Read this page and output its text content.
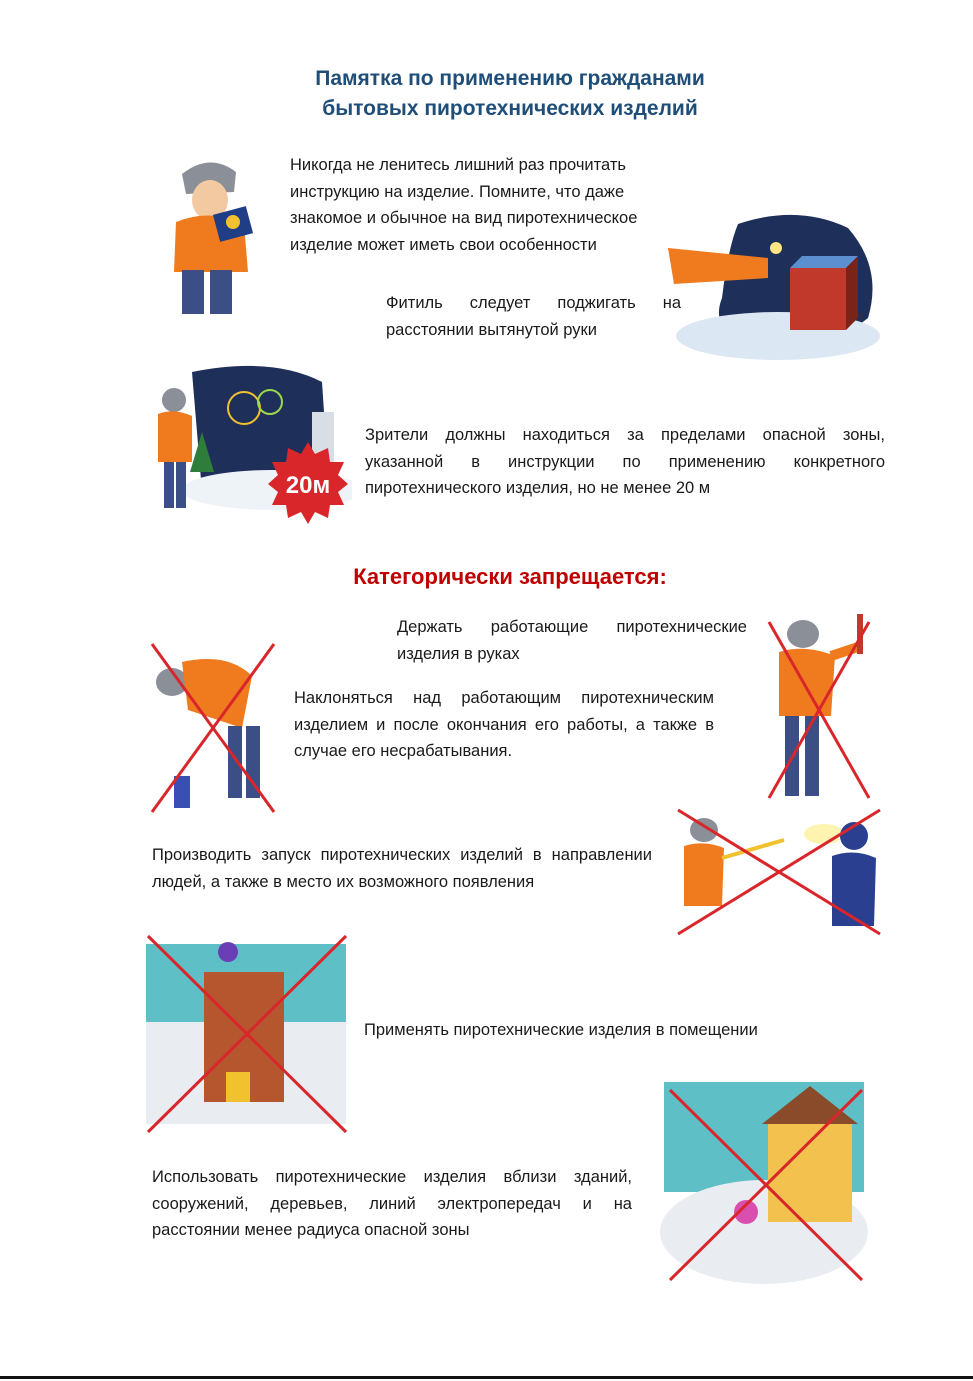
Памятка по применению гражданами
бытовых пиротехнических изделий
Никогда не ленитесь лишний раз прочитать инструкцию на изделие. Помните, что даже знакомое и обычное на вид пиротехническое изделие может иметь свои особенности
Фитиль следует поджигать на расстоянии вытянутой руки
20м
Зрители должны находиться за пределами опасной зоны, указанной в инструкции по применению конкретного пиротехнического изделия, но не менее 20 м
Категорически запрещается:
Держать работающие пиротехнические изделия в руках
Наклоняться над работающим пиротехническим изделием и после окончания его работы, а также в случае его несрабатывания.
Производить запуск пиротехнических изделий в направлении людей, а также в место их возможного появления
Применять пиротехнические изделия в помещении
Использовать пиротехнические изделия вблизи зданий, сооружений, деревьев, линий электропередач и на расстоянии менее радиуса опасной зоны
